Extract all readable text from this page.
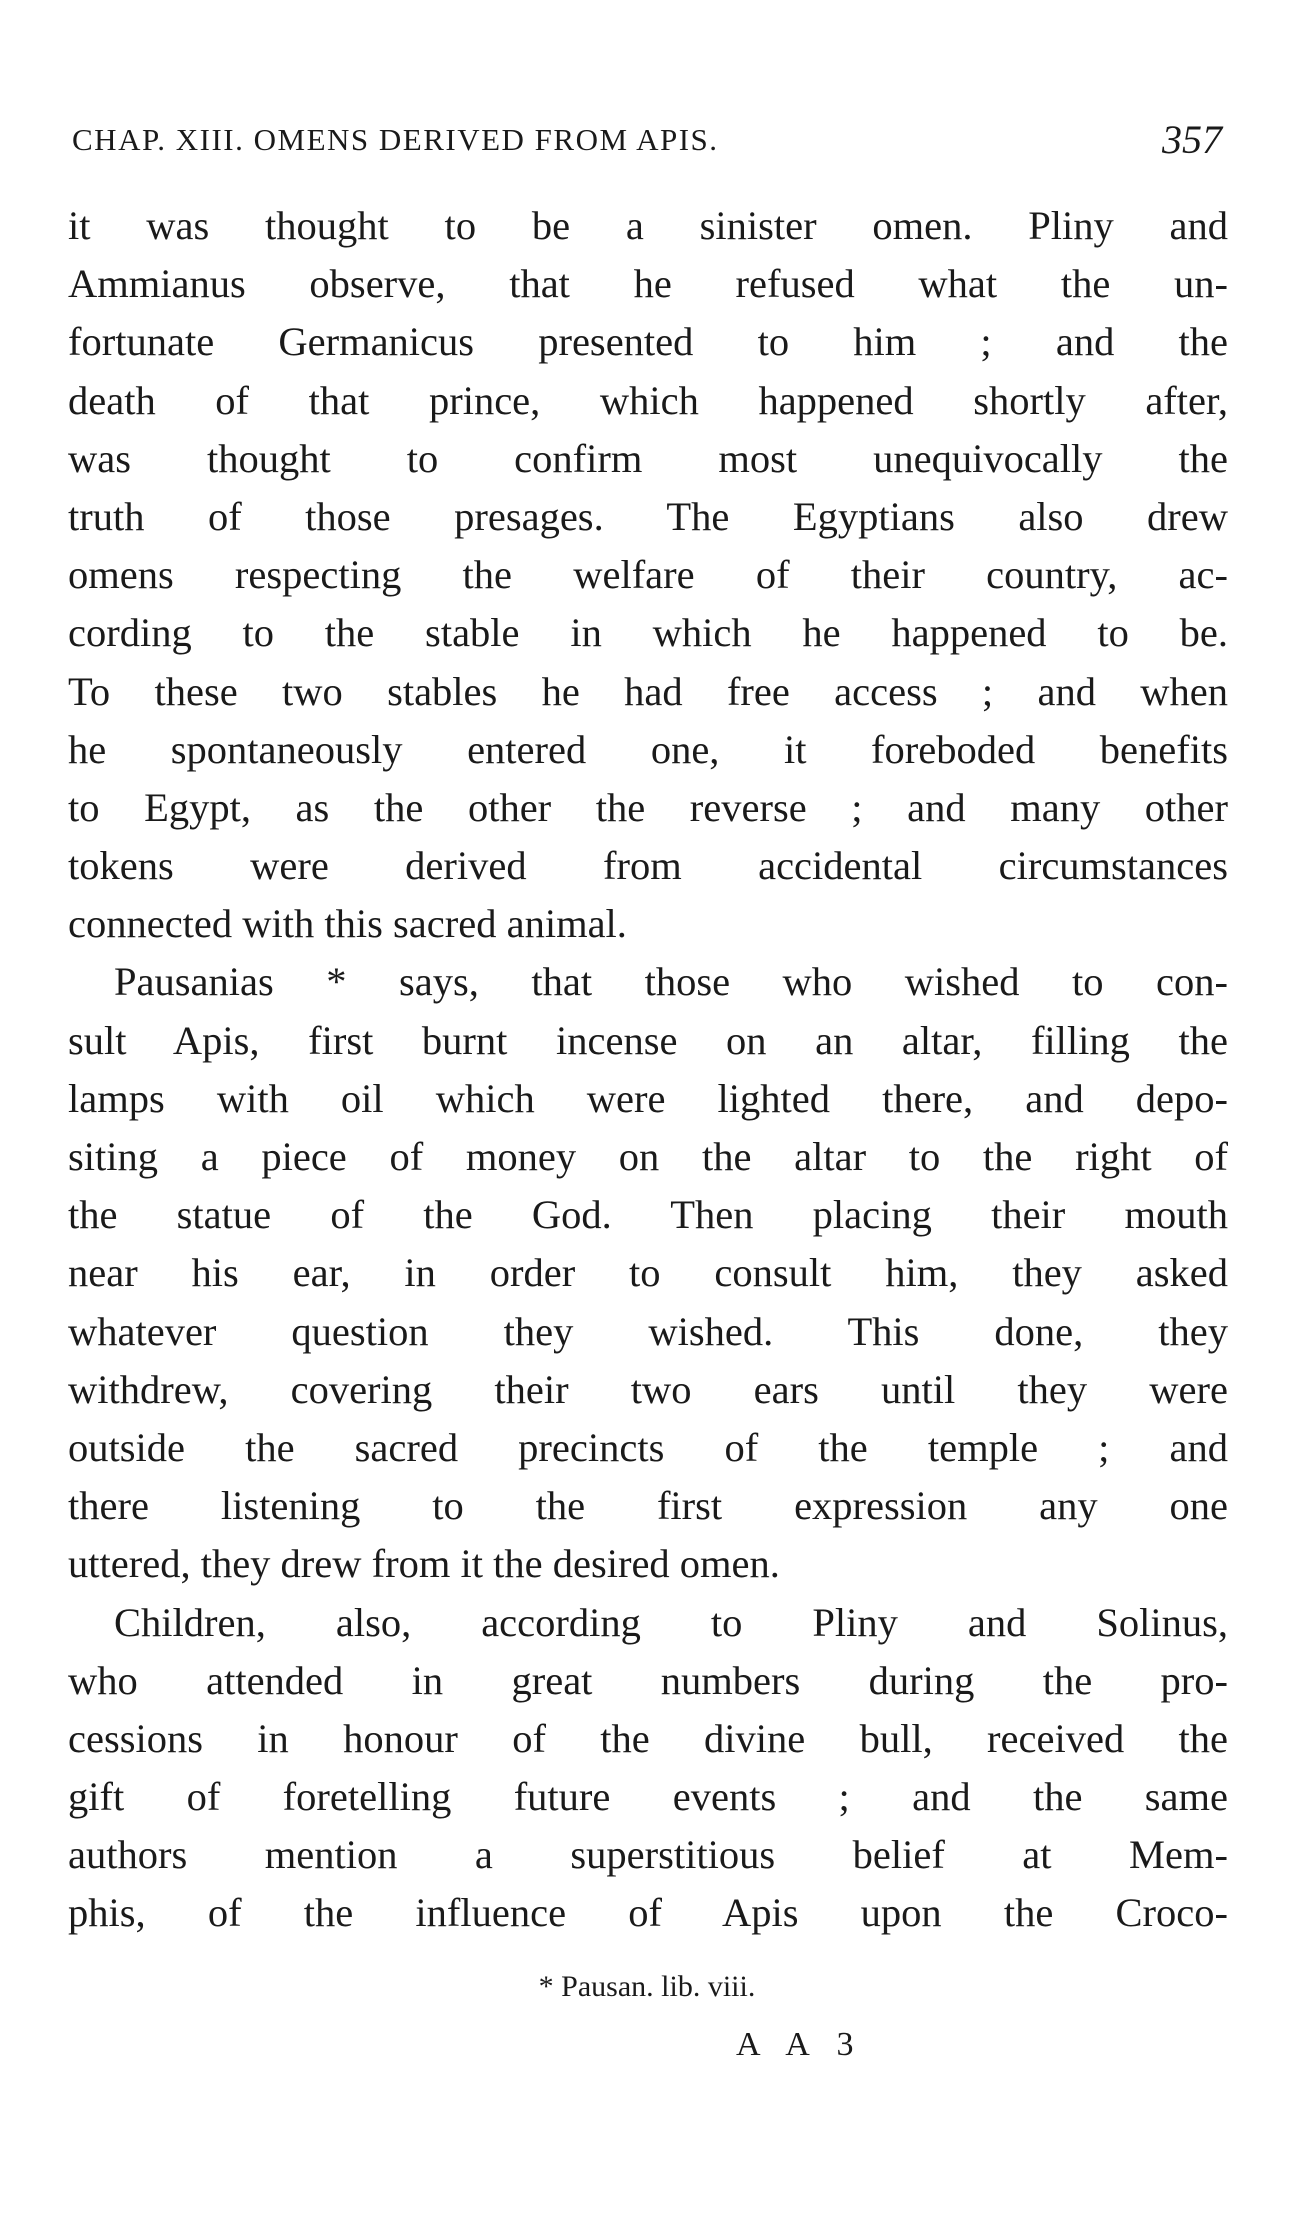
CHAP. XIII. OMENS DERIVED FROM APIS.	357
it was thought to be a sinister omen. Pliny and
Ammianus observe, that he refused what the un-
fortunate Germanicus presented to him ; and the
death of that prince, which happened shortly after,
was thought to confirm most unequivocally the
truth of those presages. The Egyptians also drew
omens respecting the welfare of their country, ac-
cording to the stable in which he happened to be.
To these two stables he had free access ; and when
he spontaneously entered one, it foreboded benefits
to Egypt, as the other the reverse ; and many other
tokens were derived from accidental circumstances
connected with this sacred animal.
Pausanias * says, that those who wished to con-
sult Apis, first burnt incense on an altar, filling the
lamps with oil which were lighted there, and depo-
siting a piece of money on the altar to the right of
the statue of the God. Then placing their mouth
near his ear, in order to consult him, they asked
whatever question they wished. This done, they
withdrew, covering their two ears until they were
outside the sacred precincts of the temple ; and
there listening to the first expression any one
uttered, they drew from it the desired omen.
Children, also, according to Pliny and Solinus,
who attended in great numbers during the pro-
cessions in honour of the divine bull, received the
gift of foretelling future events ; and the same
authors mention a superstitious belief at Mem-
phis, of the influence of Apis upon the Croco-
* Pausan. lib. viii.
A A 3
